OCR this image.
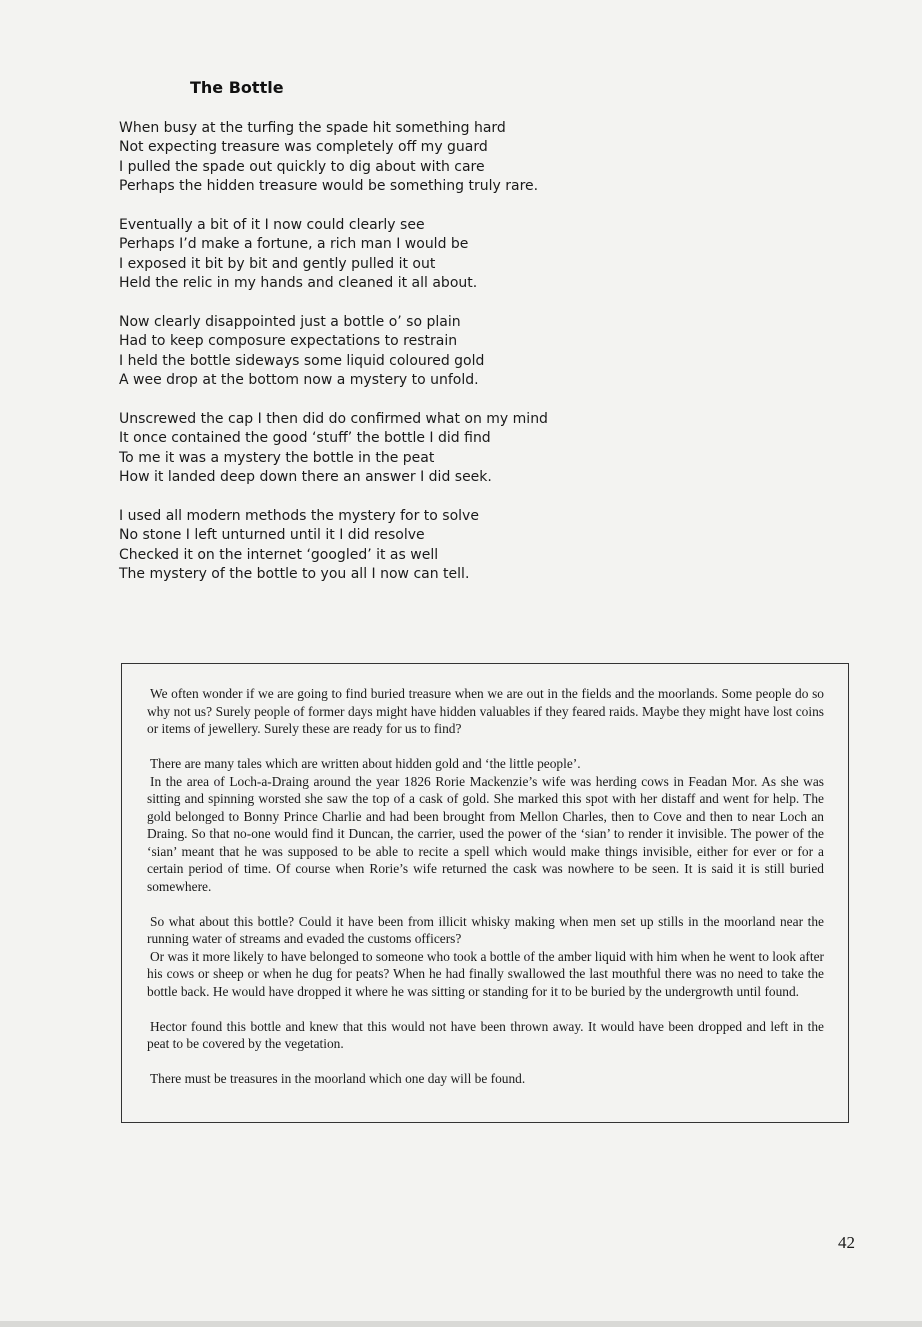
The Bottle
When busy at the turfing the spade hit something hard
Not expecting treasure was completely off my guard
I pulled the spade out quickly to dig about with care
Perhaps the hidden treasure would be something truly rare.
Eventually a bit of it I now could clearly see
Perhaps I’d make a fortune, a rich man I would be
I exposed it bit by bit and gently pulled it out
Held the relic in my hands and cleaned it all about.
Now clearly disappointed just a bottle o’ so plain
Had to keep composure expectations to restrain
I held the bottle sideways some liquid coloured gold
A wee drop at the bottom now a mystery to unfold.
Unscrewed the cap I then did do confirmed what on my mind
It once contained the good ‘stuff’ the bottle I did find
To me it was a mystery the bottle in the peat
How it landed deep down there an answer I did seek.
I used all modern methods the mystery for to solve
No stone I left unturned until it I did resolve
Checked it on the internet ‘googled’ it as well
The mystery of the bottle to you all I now can tell.

We often wonder if we are going to find buried treasure when we are out in the fields and the moorlands. Some people do so why not us? Surely people of former days might have hidden valuables if they feared raids. Maybe they might have lost coins or items of jewellery. Surely these are ready for us to find?

There are many tales which are written about hidden gold and ‘the little people’.

In the area of Loch-a-Draing around the year 1826 Rorie Mackenzie’s wife was herding cows in Feadan Mor. As she was sitting and spinning worsted she saw the top of a cask of gold. She marked this spot with her distaff and went for help. The gold belonged to Bonny Prince Charlie and had been brought from Mellon Charles, then to Cove and then to near Loch an Draing. So that no-one would find it Duncan, the carrier, used the power of the ‘sian’ to render it invisible. The power of the ‘sian’ meant that he was supposed to be able to recite a spell which would make things invisible, either for ever or for a certain period of time. Of course when Rorie’s wife returned the cask was nowhere to be seen. It is said it is still buried somewhere.

So what about this bottle? Could it have been from illicit whisky making when men set up stills in the moorland near the running water of streams and evaded the customs officers?

Or was it more likely to have belonged to someone who took a bottle of the amber liquid with him when he went to look after his cows or sheep or when he dug for peats? When he had finally swallowed the last mouthful there was no need to take the bottle back. He would have dropped it where he was sitting or standing for it to be buried by the undergrowth until found.

Hector found this bottle and knew that this would not have been thrown away. It would have been dropped and left in the peat to be covered by the vegetation.

There must be treasures in the moorland which one day will be found.

42
